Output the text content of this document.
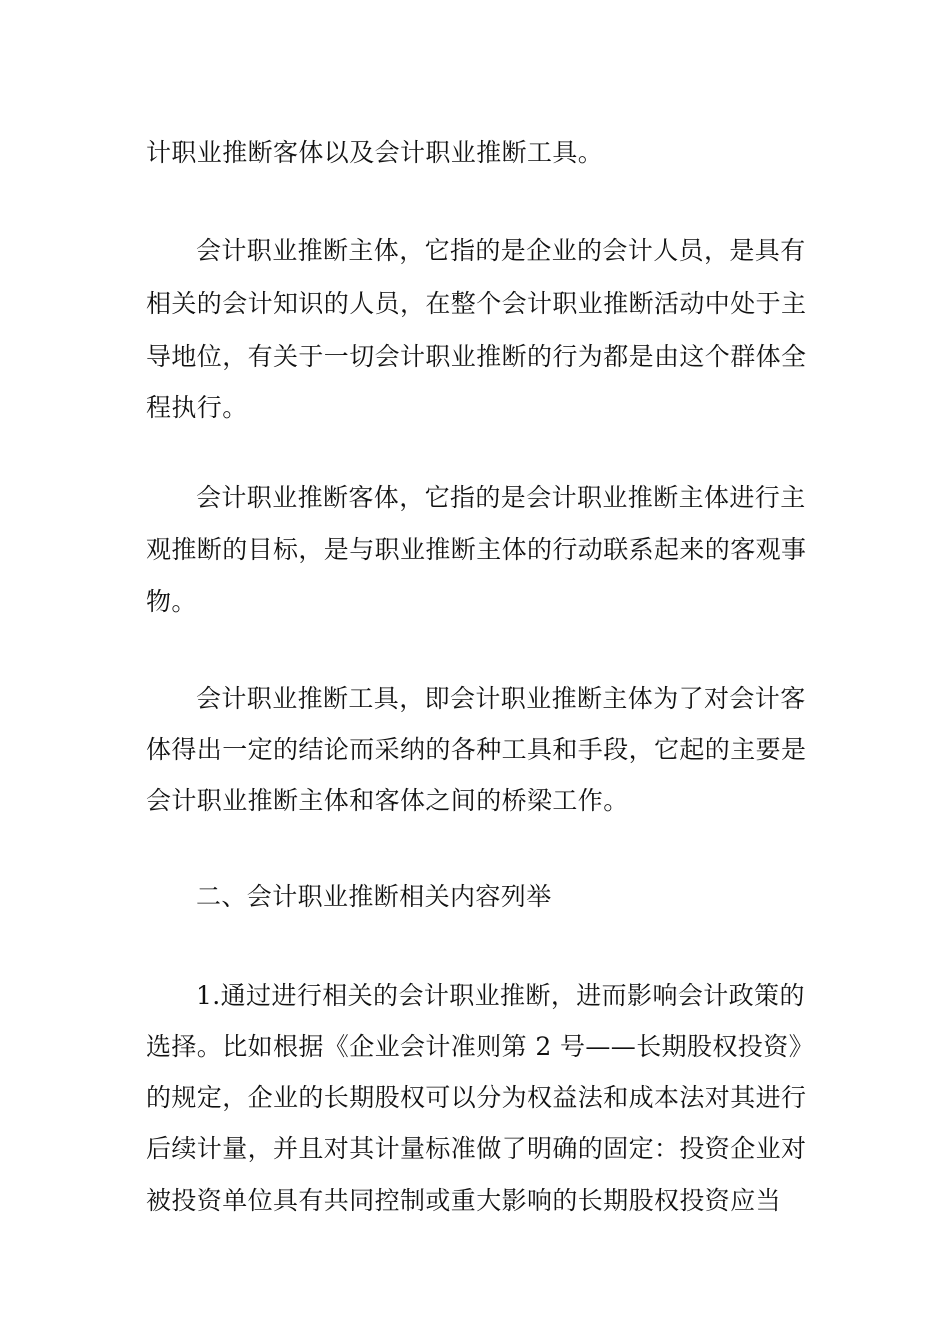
计职业推断客体以及会计职业推断工具。
会计职业推断主体，它指的是企业的会计人员，是具有
相关的会计知识的人员，在整个会计职业推断活动中处于主
导地位，有关于一切会计职业推断的行为都是由这个群体全
程执行。
会计职业推断客体，它指的是会计职业推断主体进行主
观推断的目标，是与职业推断主体的行动联系起来的客观事
物。
会计职业推断工具，即会计职业推断主体为了对会计客
体得出一定的结论而采纳的各种工具和手段，它起的主要是
会计职业推断主体和客体之间的桥梁工作。
二、会计职业推断相关内容列举
1.通过进行相关的会计职业推断，进而影响会计政策的
选择。比如根据《企业会计准则第 2 号——长期股权投资》
的规定，企业的长期股权可以分为权益法和成本法对其进行
后续计量，并且对其计量标准做了明确的固定：投资企业对
被投资单位具有共同控制或重大影响的长期股权投资应当
